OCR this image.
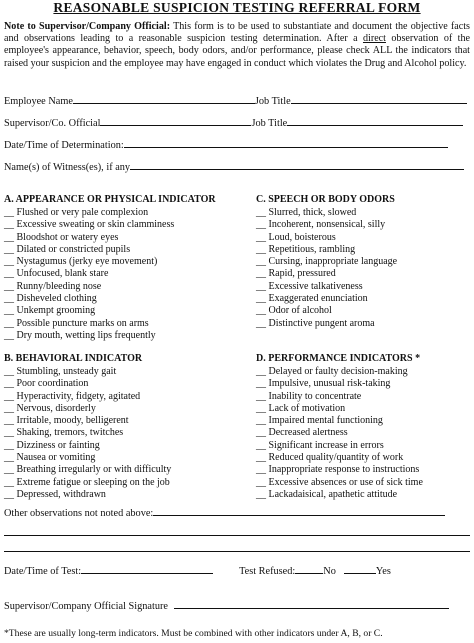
REASONABLE SUSPICION TESTING REFERRAL FORM
Note to Supervisor/Company Official: This form is to be used to substantiate and document the objective facts and observations leading to a reasonable suspicion testing determination. After a direct observation of the employee's appearance, behavior, speech, body odors, and/or performance, please check ALL the indicators that raised your suspicion and the employee may have engaged in conduct which violates the Drug and Alcohol policy.
Employee Name	Job Title
Supervisor/Co. Official	Job Title
Date/Time of Determination:
Name(s) of Witness(es), if any
A. APPEARANCE OR PHYSICAL INDICATOR
__ Flushed or very pale complexion
__ Excessive sweating or skin clamminess
__ Bloodshot or watery eyes
__ Dilated or constricted pupils
__ Nystagumus (jerky eye movement)
__ Unfocused, blank stare
__ Runny/bleeding nose
__ Disheveled clothing
__ Unkempt grooming
__ Possible puncture marks on arms
__ Dry mouth, wetting lips frequently
C. SPEECH OR BODY ODORS
__ Slurred, thick, slowed
__ Incoherent, nonsensical, silly
__ Loud, boisterous
__ Repetitious, rambling
__ Cursing, inappropriate language
__ Rapid, pressured
__ Excessive talkativeness
__ Exaggerated enunciation
__ Odor of alcohol
__ Distinctive pungent aroma
B. BEHAVIORAL INDICATOR
__ Stumbling, unsteady gait
__ Poor coordination
__ Hyperactivity, fidgety, agitated
__ Nervous, disorderly
__ Irritable, moody, belligerent
__ Shaking, tremors, twitches
__ Dizziness or fainting
__ Nausea or vomiting
__ Breathing irregularly or with difficulty
__ Extreme fatigue or sleeping on the job
__ Depressed, withdrawn
D. PERFORMANCE INDICATORS *
__ Delayed or faulty decision-making
__ Impulsive, unusual risk-taking
__ Inability to concentrate
__ Lack of motivation
__ Impaired mental functioning
__ Decreased alertness
__ Significant increase in errors
__ Reduced quality/quantity of work
__ Inappropriate response to instructions
__ Excessive absences or use of sick time
__ Lackadaisical, apathetic attitude
Other observations not noted above:
Date/Time of Test:	Test Refused:	No	Yes
Supervisor/Company Official Signature
*These are usually long-term indicators. Must be combined with other indicators under A, B, or C.
